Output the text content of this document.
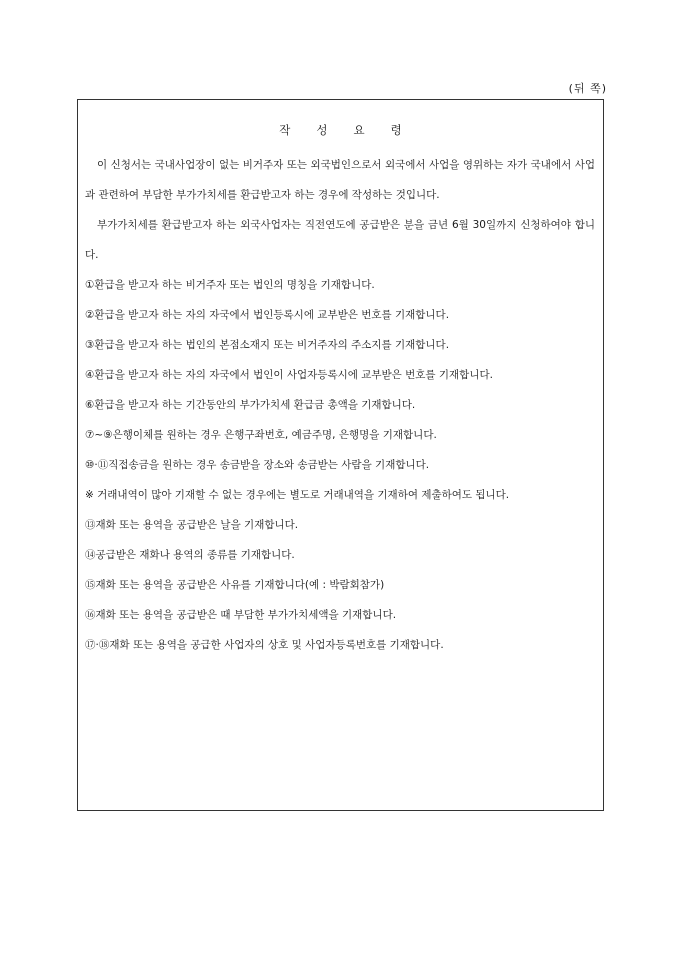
(뒤 쪽)
작성요령

이 신청서는 국내사업장이 없는 비거주자 또는 외국법인으로서 외국에서 사업을 영위하는 자가 국내에서 사업과 관련하여 부담한 부가가치세를 환급받고자 하는 경우에 작성하는 것입니다.

부가가치세를 환급받고자 하는 외국사업자는 직전연도에 공급받은 분을 금년 6월 30일까지 신청하여야 합니다.

①환급을 받고자 하는 비거주자 또는 법인의 명칭을 기재합니다.

②환급을 받고자 하는 자의 자국에서 법인등록시에 교부받은 번호를 기재합니다.

③환급을 받고자 하는 법인의 본점소재지 또는 비거주자의 주소지를 기재합니다.

④환급을 받고자 하는 자의 자국에서 법인이 사업자등록시에 교부받은 번호를 기재합니다.

⑥환급을 받고자 하는 기간동안의 부가가치세 환급금 총액을 기재합니다.

⑦~⑨은행이체를 원하는 경우 은행구좌번호, 예금주명, 은행명을 기재합니다.

⑩·⑪직접송금을 원하는 경우 송금받을 장소와 송금받는 사람을 기재합니다.

※ 거래내역이 많아 기재할 수 없는 경우에는 별도로 거래내역을 기재하여 제출하여도 됩니다.

⑬재화 또는 용역을 공급받은 날을 기재합니다.

⑭공급받은 재화나 용역의 종류를 기재합니다.

⑮재화 또는 용역을 공급받은 사유를 기재합니다(예 : 박람회참가)

⑯재화 또는 용역을 공급받은 때 부담한 부가가치세액을 기재합니다.

⑰·⑱재화 또는 용역을 공급한 사업자의 상호 및 사업자등록번호를 기재합니다.
